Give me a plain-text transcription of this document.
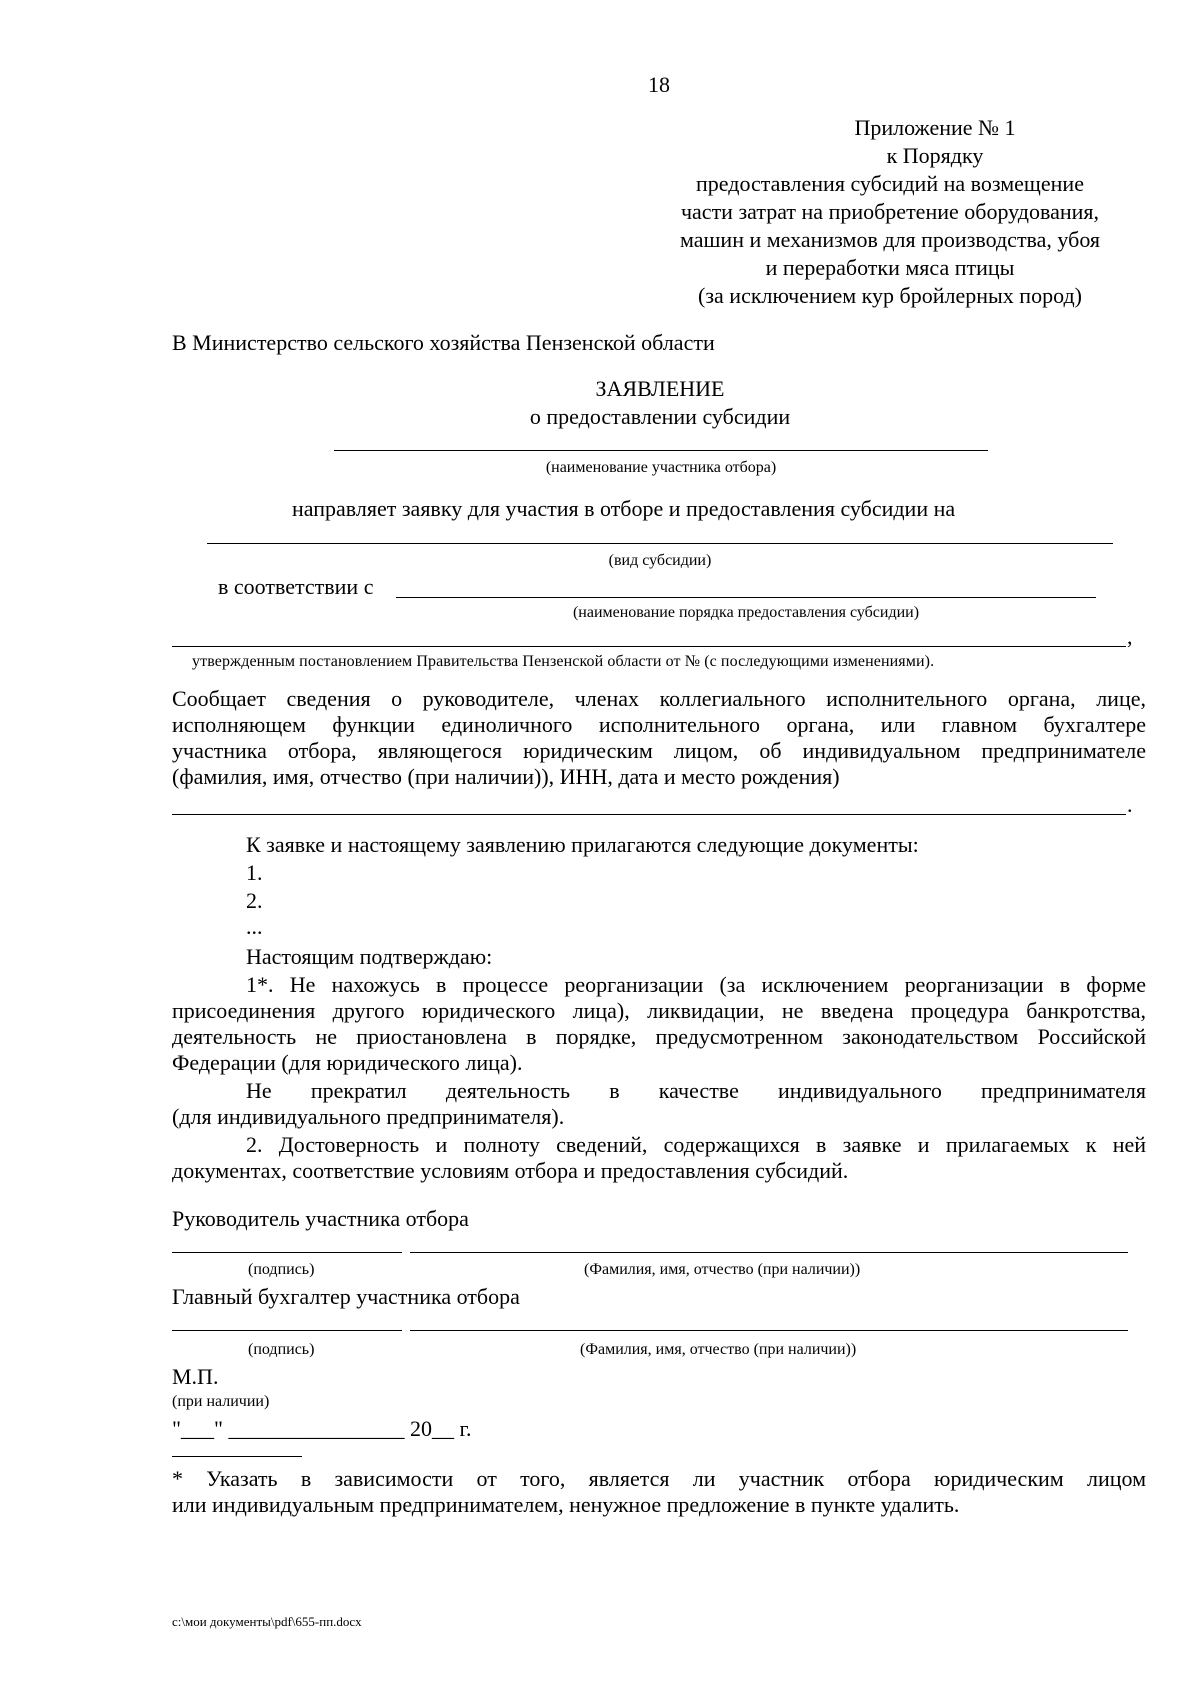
18
Приложение № 1
к Порядку
предоставления субсидий на возмещение
части затрат на приобретение оборудования,
машин и механизмов для производства, убоя
и переработки мяса птицы
(за исключением кур бройлерных пород)
В Министерство сельского хозяйства Пензенской области
ЗАЯВЛЕНИЕ
о предоставлении субсидии
(наименование участника отбора)
направляет заявку для участия в отборе и предоставления субсидии на
(вид субсидии)
в соответствии с
(наименование порядка предоставления субсидии)
,
утвержденным постановлением Правительства Пензенской области от № (с последующими изменениями).
Сообщает сведения о руководителе, членах коллегиального исполнительного органа, лице,
исполняющем функции единоличного исполнительного органа, или главном бухгалтере
участника отбора, являющегося юридическим лицом, об индивидуальном предпринимателе
(фамилия, имя, отчество (при наличии)), ИНН, дата и место рождения)
.
К заявке и настоящему заявлению прилагаются следующие документы:
1.
2.
...
Настоящим подтверждаю:
1*. Не нахожусь в процессе реорганизации (за исключением реорганизации в форме
присоединения другого юридического лица), ликвидации, не введена процедура банкротства,
деятельность не приостановлена в порядке, предусмотренном законодательством Российской
Федерации (для юридического лица).
Не прекратил деятельность в качестве индивидуального предпринимателя
(для индивидуального предпринимателя).
2. Достоверность и полноту сведений, содержащихся в заявке и прилагаемых к ней
документах, соответствие условиям отбора и предоставления субсидий.
Руководитель участника отбора
(подпись)	(Фамилия, имя, отчество (при наличии))
Главный бухгалтер участника отбора
(подпись)	(Фамилия, имя, отчество (при наличии))
М.П.
(при наличии)
"___" ________________ 20__ г.
* Указать в зависимости от того, является ли участник отбора юридическим лицом
или индивидуальным предпринимателем, ненужное предложение в пункте удалить.
c:\мои документы\pdf\655-пп.docx
